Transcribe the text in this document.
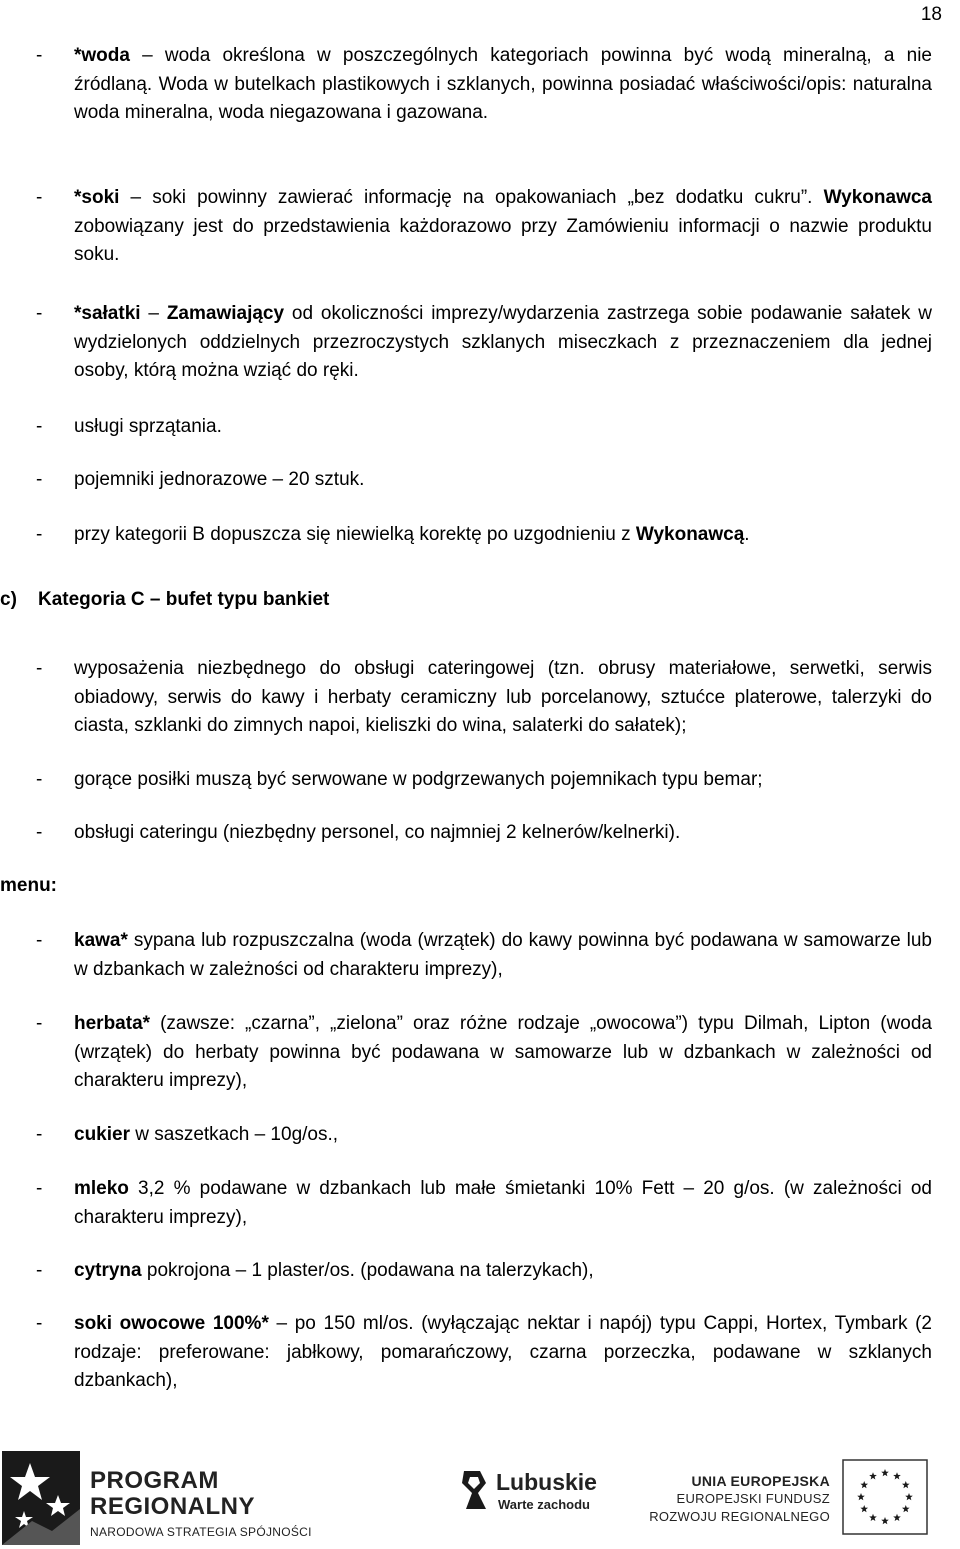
18
- *woda – woda określona w poszczególnych kategoriach powinna być wodą mineralną, a nie źródlaną. Woda w butelkach plastikowych i szklanych, powinna posiadać właściwości/opis: naturalna woda mineralna, woda niegazowana i gazowana.
- *soki – soki powinny zawierać informację na opakowaniach „bez dodatku cukru”. Wykonawca zobowiązany jest do przedstawienia każdorazowo przy Zamówieniu informacji o nazwie produktu soku.
- *sałatki – Zamawiający od okoliczności imprezy/wydarzenia zastrzega sobie podawanie sałatek w wydzielonych oddzielnych przezroczystych szklanych miseczkach z przeznaczeniem dla jednej osoby, którą można wziąć do ręki.
- usługi sprzątania.
- pojemniki jednorazowe – 20 sztuk.
- przy kategorii B dopuszcza się niewielką korektę po uzgodnieniu z Wykonawcą.
c) Kategoria C – bufet typu bankiet
- wyposażenia niezbędnego do obsługi cateringowej (tzn. obrusy materiałowe, serwetki, serwis obiadowy, serwis do kawy i herbaty ceramiczny lub porcelanowy, sztućce platerowe, talerzyki do ciasta, szklanki do zimnych napoi, kieliszki do wina, salaterki do sałatek);
- gorące posiłki muszą być serwowane w podgrzewanych pojemnikach typu bemar;
- obsługi cateringu (niezbędny personel, co najmniej 2 kelnerów/kelnerki).
menu:
- kawa* sypana lub rozpuszczalna (woda (wrzątek) do kawy powinna być podawana w samowarze lub w dzbankach w zależności od charakteru imprezy),
- herbata* (zawsze: „czarna”, „zielona” oraz różne rodzaje „owocowa”) typu Dilmah, Lipton (woda (wrzątek) do herbaty powinna być podawana w samowarze lub w dzbankach w zależności od charakteru imprezy),
- cukier w saszetkach – 10g/os.,
- mleko 3,2 % podawane w dzbankach lub małe śmietanki 10% Fett – 20 g/os. (w zależności od charakteru imprezy),
- cytryna pokrojona – 1 plaster/os. (podawana na talerzykach),
- soki owocowe 100%* – po 150 ml/os. (wyłączając nektar i napój) typu Cappi, Hortex, Tymbark (2 rodzaje: preferowane: jabłkowy, pomarańczowy, czarna porzeczka, podawane w szklanych dzbankach),
PROGRAM
REGIONALNY
NARODOWA STRATEGIA SPÓJNOŚCI
Lubuskie
Warte zachodu
UNIA EUROPEJSKA
EUROPEJSKI FUNDUSZ
ROZWOJU REGIONALNEGO
